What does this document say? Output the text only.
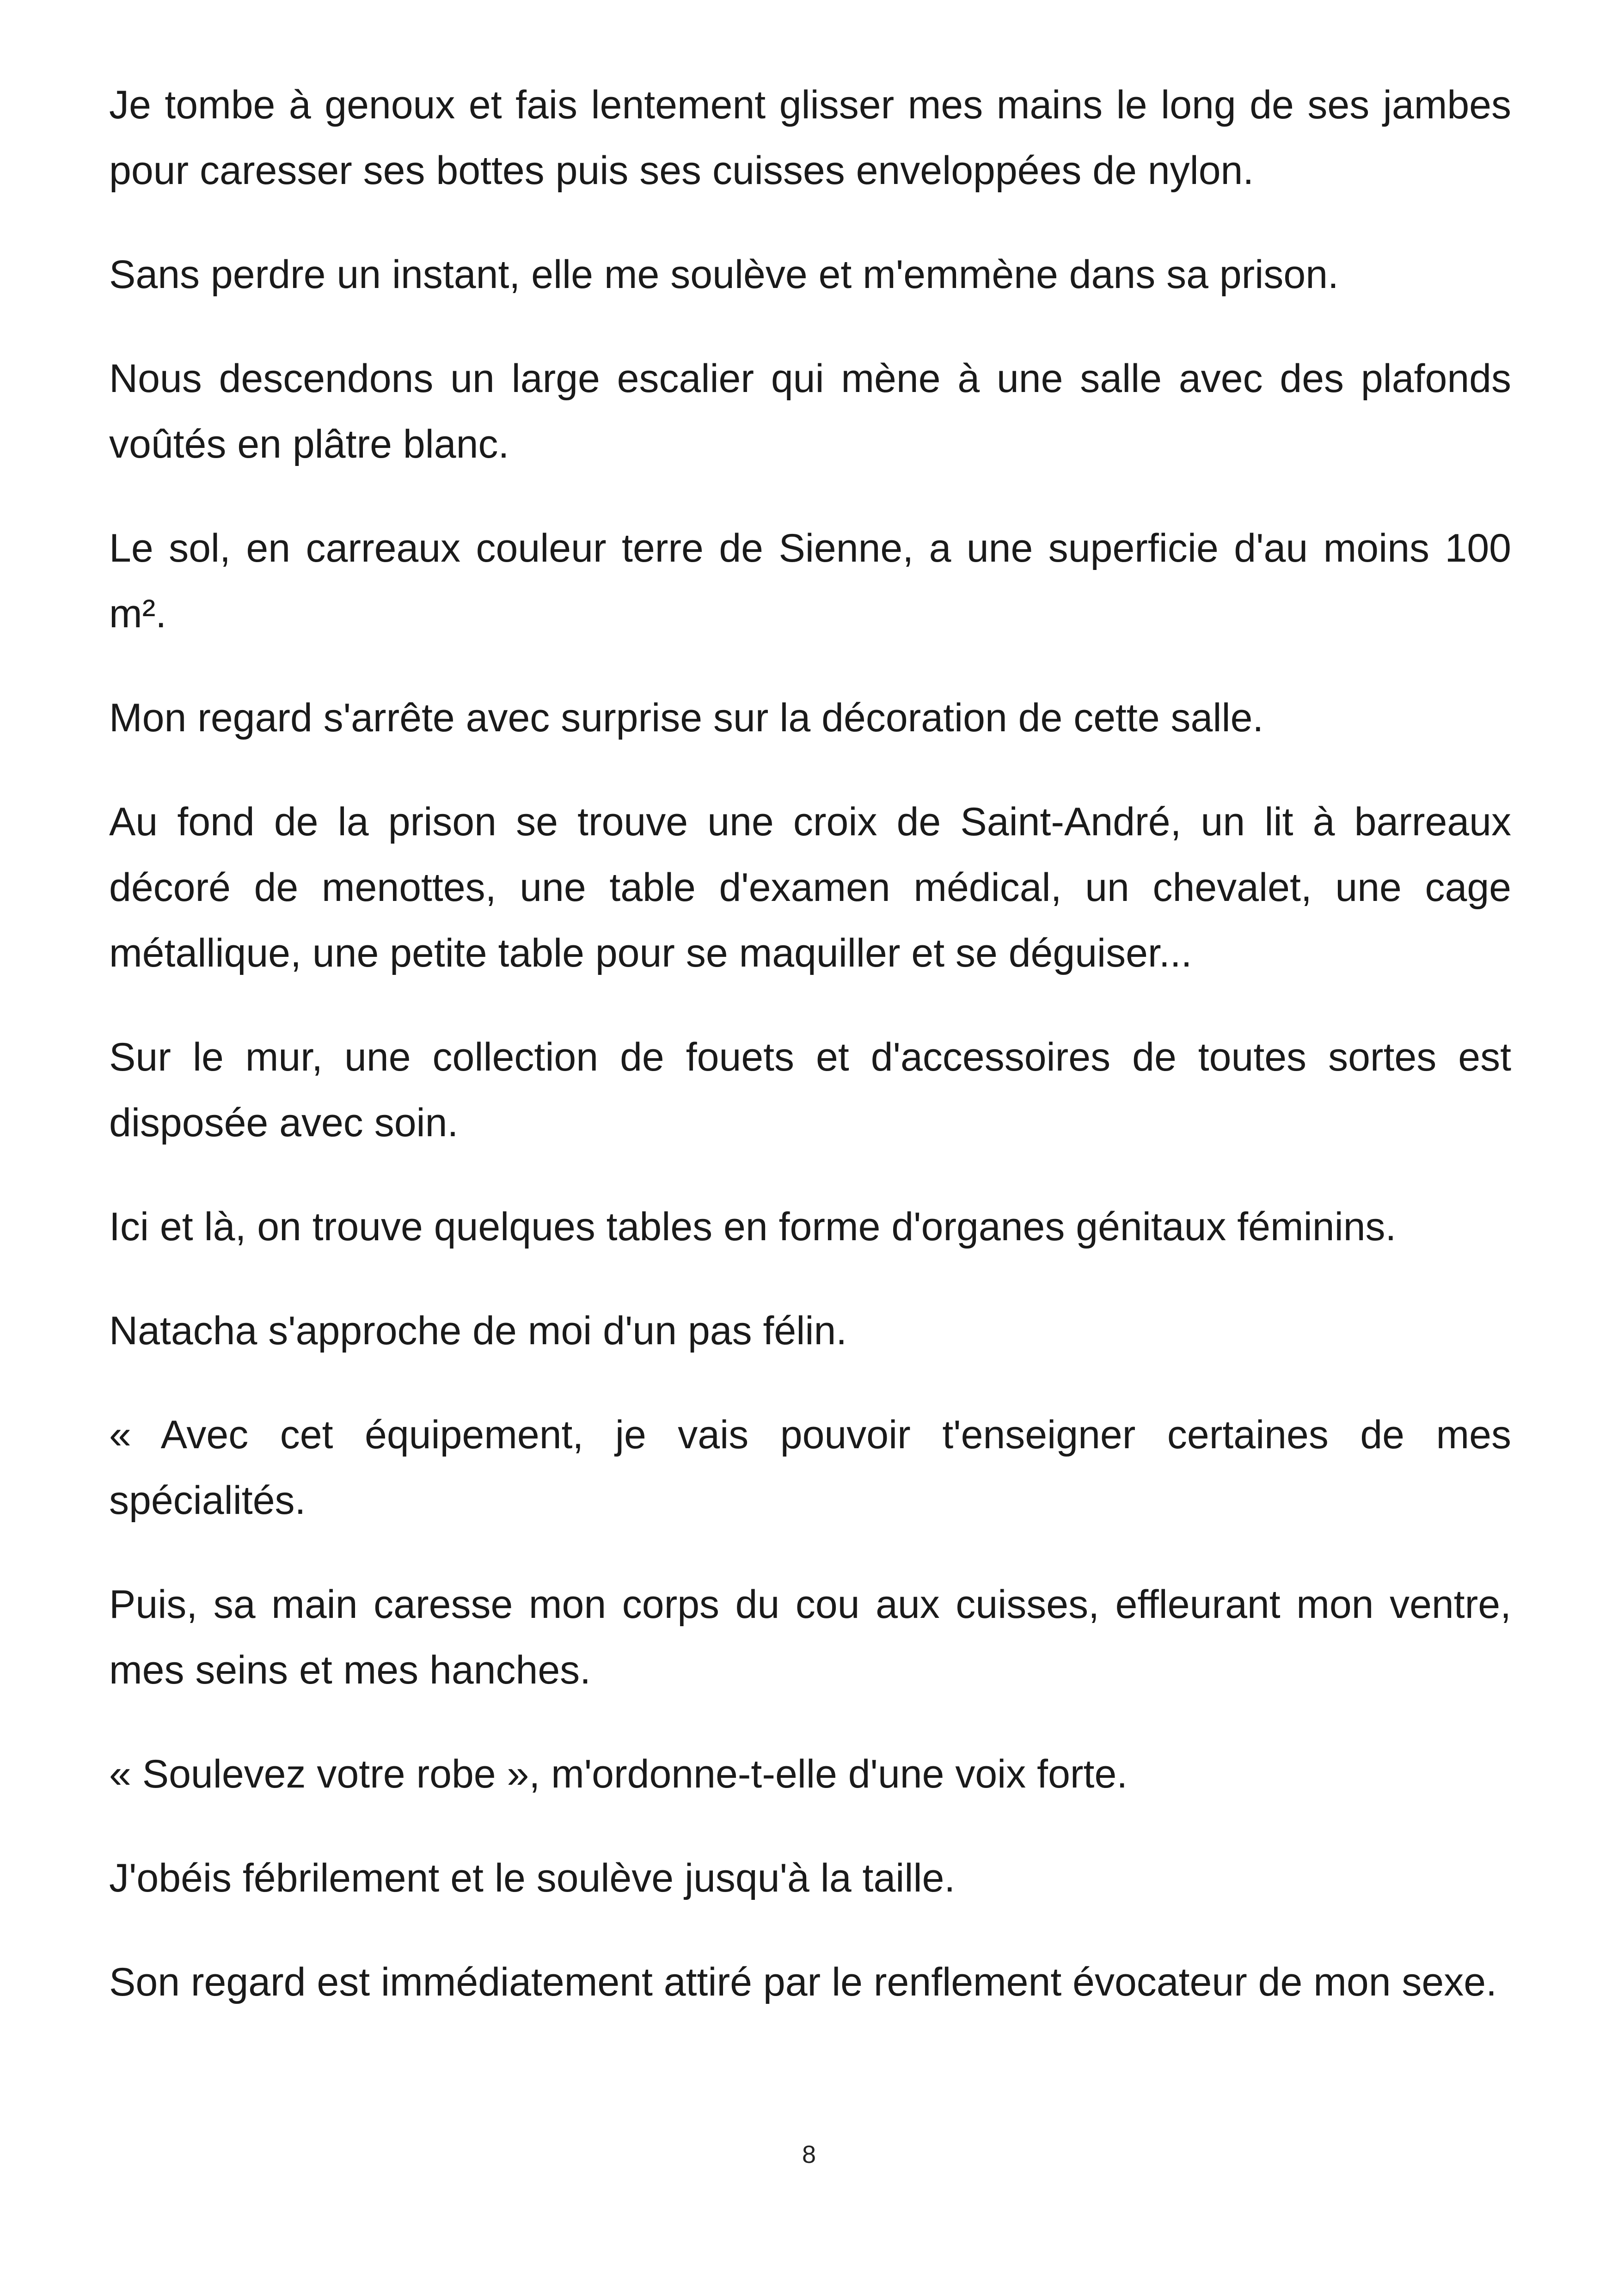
Je tombe à genoux et fais lentement glisser mes mains le long de ses jambes pour caresser ses bottes puis ses cuisses enveloppées de nylon.

Sans perdre un instant, elle me soulève et m'emmène dans sa prison.

Nous descendons un large escalier qui mène à une salle avec des plafonds voûtés en plâtre blanc.

Le sol, en carreaux couleur terre de Sienne, a une superficie d'au moins 100 m².

Mon regard s'arrête avec surprise sur la décoration de cette salle.

Au fond de la prison se trouve une croix de Saint-André, un lit à barreaux décoré de menottes, une table d'examen médical, un chevalet, une cage métallique, une petite table pour se maquiller et se déguiser...

Sur le mur, une collection de fouets et d'accessoires de toutes sortes est disposée avec soin.

Ici et là, on trouve quelques tables en forme d'organes génitaux féminins.

Natacha s'approche de moi d'un pas félin.

« Avec cet équipement, je vais pouvoir t'enseigner certaines de mes spécialités.

Puis, sa main caresse mon corps du cou aux cuisses, effleurant mon ventre, mes seins et mes hanches.

« Soulevez votre robe », m'ordonne-t-elle d'une voix forte.

J'obéis fébrilement et le soulève jusqu'à la taille.

Son regard est immédiatement attiré par le renflement évocateur de mon sexe.

8
